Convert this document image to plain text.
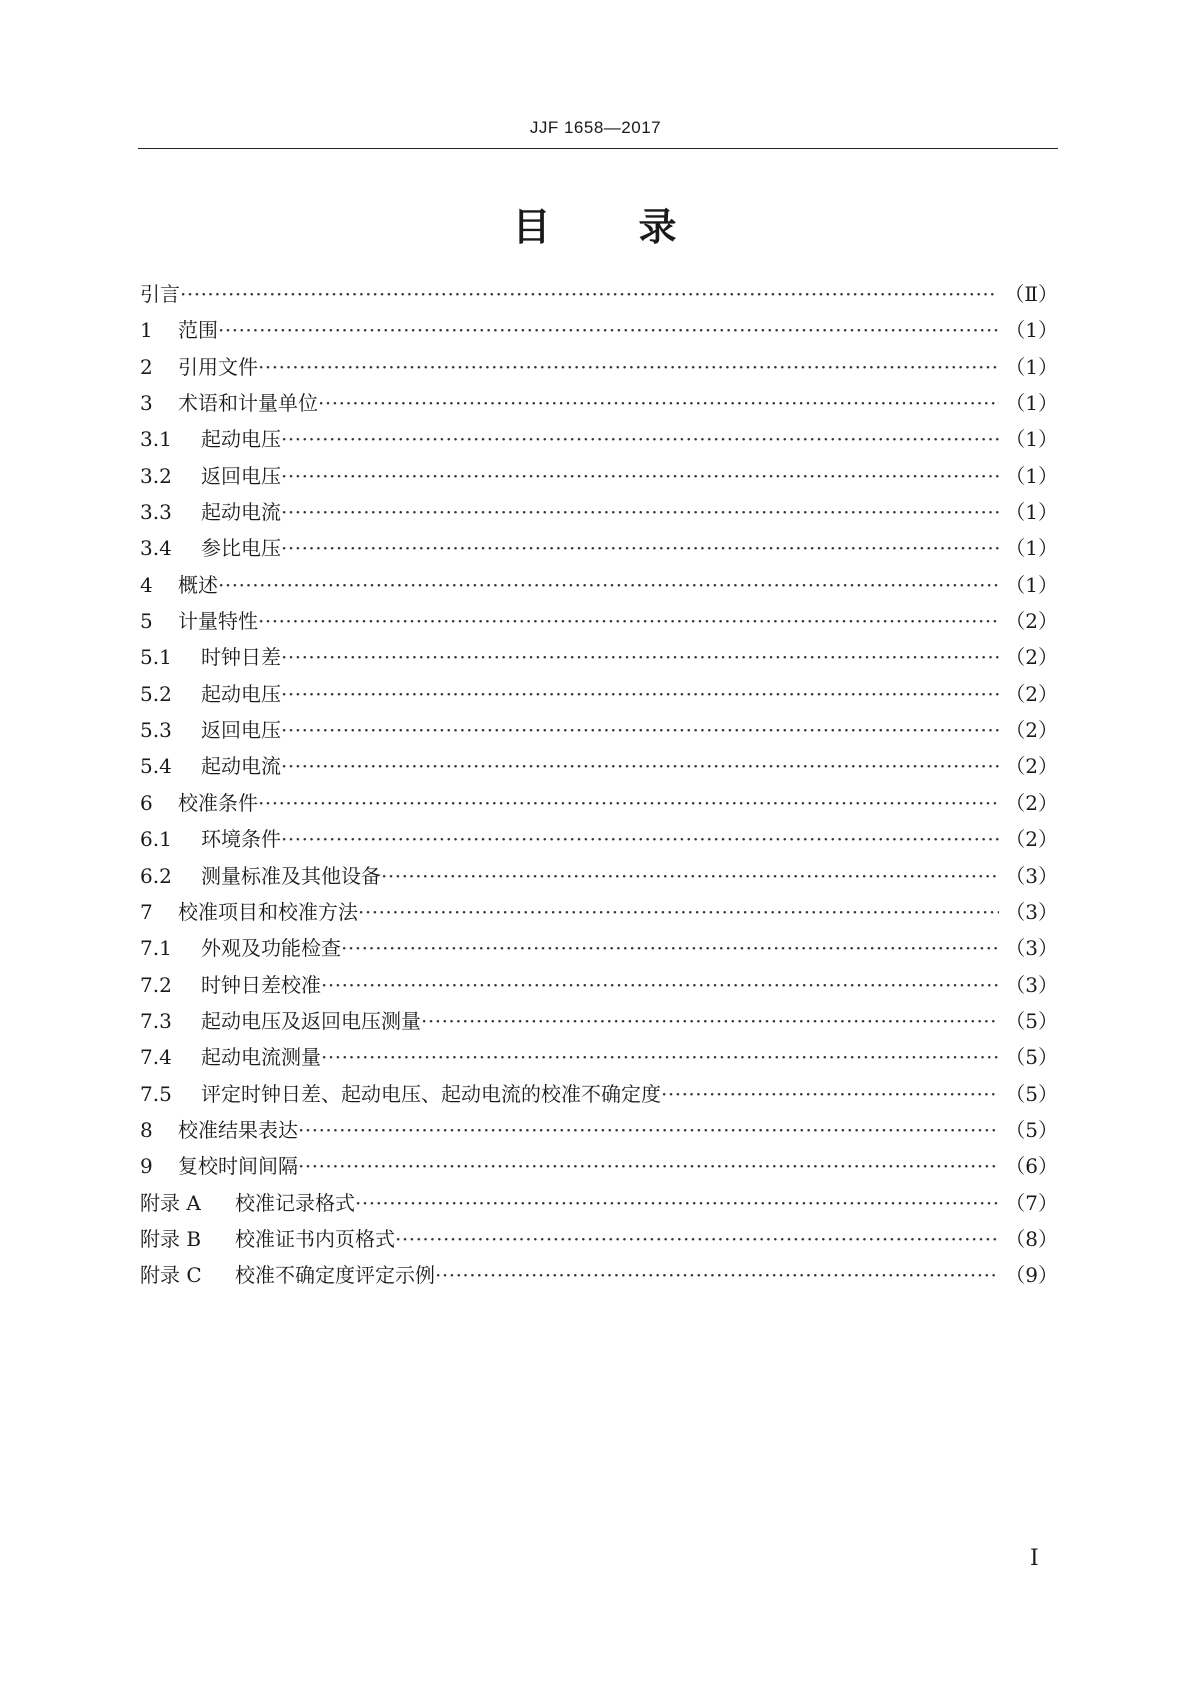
JJF 1658—2017
目 录
引言 ·····	（Ⅱ）
1	范围 ·····	（1）
2	引用文件 ·····	（1）
3	术语和计量单位 ·····	（1）
3.1	起动电压 ·····	（1）
3.2	返回电压 ·····	（1）
3.3	起动电流 ·····	（1）
3.4	参比电压 ·····	（1）
4	概述 ·····	（1）
5	计量特性 ·····	（2）
5.1	时钟日差 ·····	（2）
5.2	起动电压 ·····	（2）
5.3	返回电压 ·····	（2）
5.4	起动电流 ·····	（2）
6	校准条件 ·····	（2）
6.1	环境条件 ·····	（2）
6.2	测量标准及其他设备 ·····	（3）
7	校准项目和校准方法 ·····	（3）
7.1	外观及功能检查 ·····	（3）
7.2	时钟日差校准 ·····	（3）
7.3	起动电压及返回电压测量 ·····	（5）
7.4	起动电流测量 ·····	（5）
7.5	评定时钟日差、起动电压、起动电流的校准不确定度 ·····	（5）
8	校准结果表达 ·····	（5）
9	复校时间间隔 ·····	（6）
附录 A	校准记录格式 ·····	（7）
附录 B	校准证书内页格式 ·····	（8）
附录 C	校准不确定度评定示例 ·····	（9）
Ⅰ
